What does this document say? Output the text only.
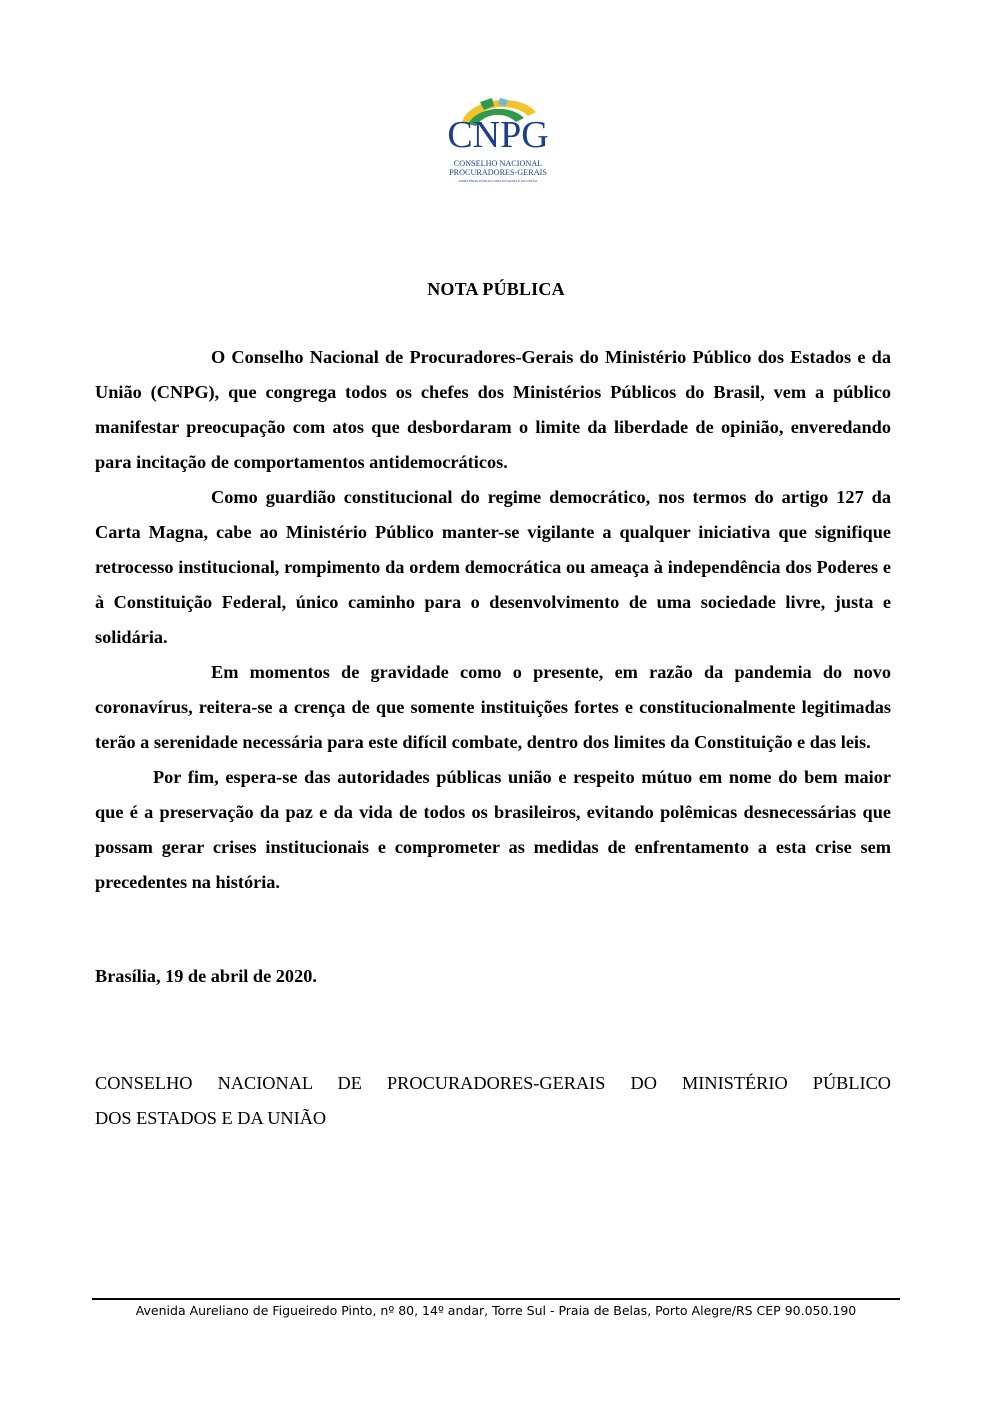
CNPG
CONSELHO NACIONAL
PROCURADORES-GERAIS
MINISTÉRIO PÚBLICO DOS ESTADOS E DA UNIÃO
NOTA PÚBLICA

O Conselho Nacional de Procuradores-Gerais do Ministério Público dos Estados e da União (CNPG), que congrega todos os chefes dos Ministérios Públicos do Brasil, vem a público manifestar preocupação com atos que desbordaram o limite da liberdade de opinião, enveredando para incitação de comportamentos antidemocráticos.

Como guardião constitucional do regime democrático, nos termos do artigo 127 da Carta Magna, cabe ao Ministério Público manter-se vigilante a qualquer iniciativa que signifique retrocesso institucional, rompimento da ordem democrática ou ameaça à independência dos Poderes e à Constituição Federal, único caminho para o desenvolvimento de uma sociedade livre, justa e solidária.

Em momentos de gravidade como o presente, em razão da pandemia do novo coronavírus, reitera-se a crença de que somente instituições fortes e constitucionalmente legitimadas terão a serenidade necessária para este difícil combate, dentro dos limites da Constituição e das leis.

Por fim, espera-se das autoridades públicas união e respeito mútuo em nome do bem maior que é a preservação da paz e da vida de todos os brasileiros, evitando polêmicas desnecessárias que possam gerar crises institucionais e comprometer as medidas de enfrentamento a esta crise sem precedentes na história.

Brasília, 19 de abril de 2020.
CONSELHO NACIONAL DE PROCURADORES-GERAIS DO MINISTÉRIO PÚBLICO
DOS ESTADOS E DA UNIÃO
Avenida Aureliano de Figueiredo Pinto, nº 80, 14º andar, Torre Sul - Praia de Belas, Porto Alegre/RS CEP 90.050.190
